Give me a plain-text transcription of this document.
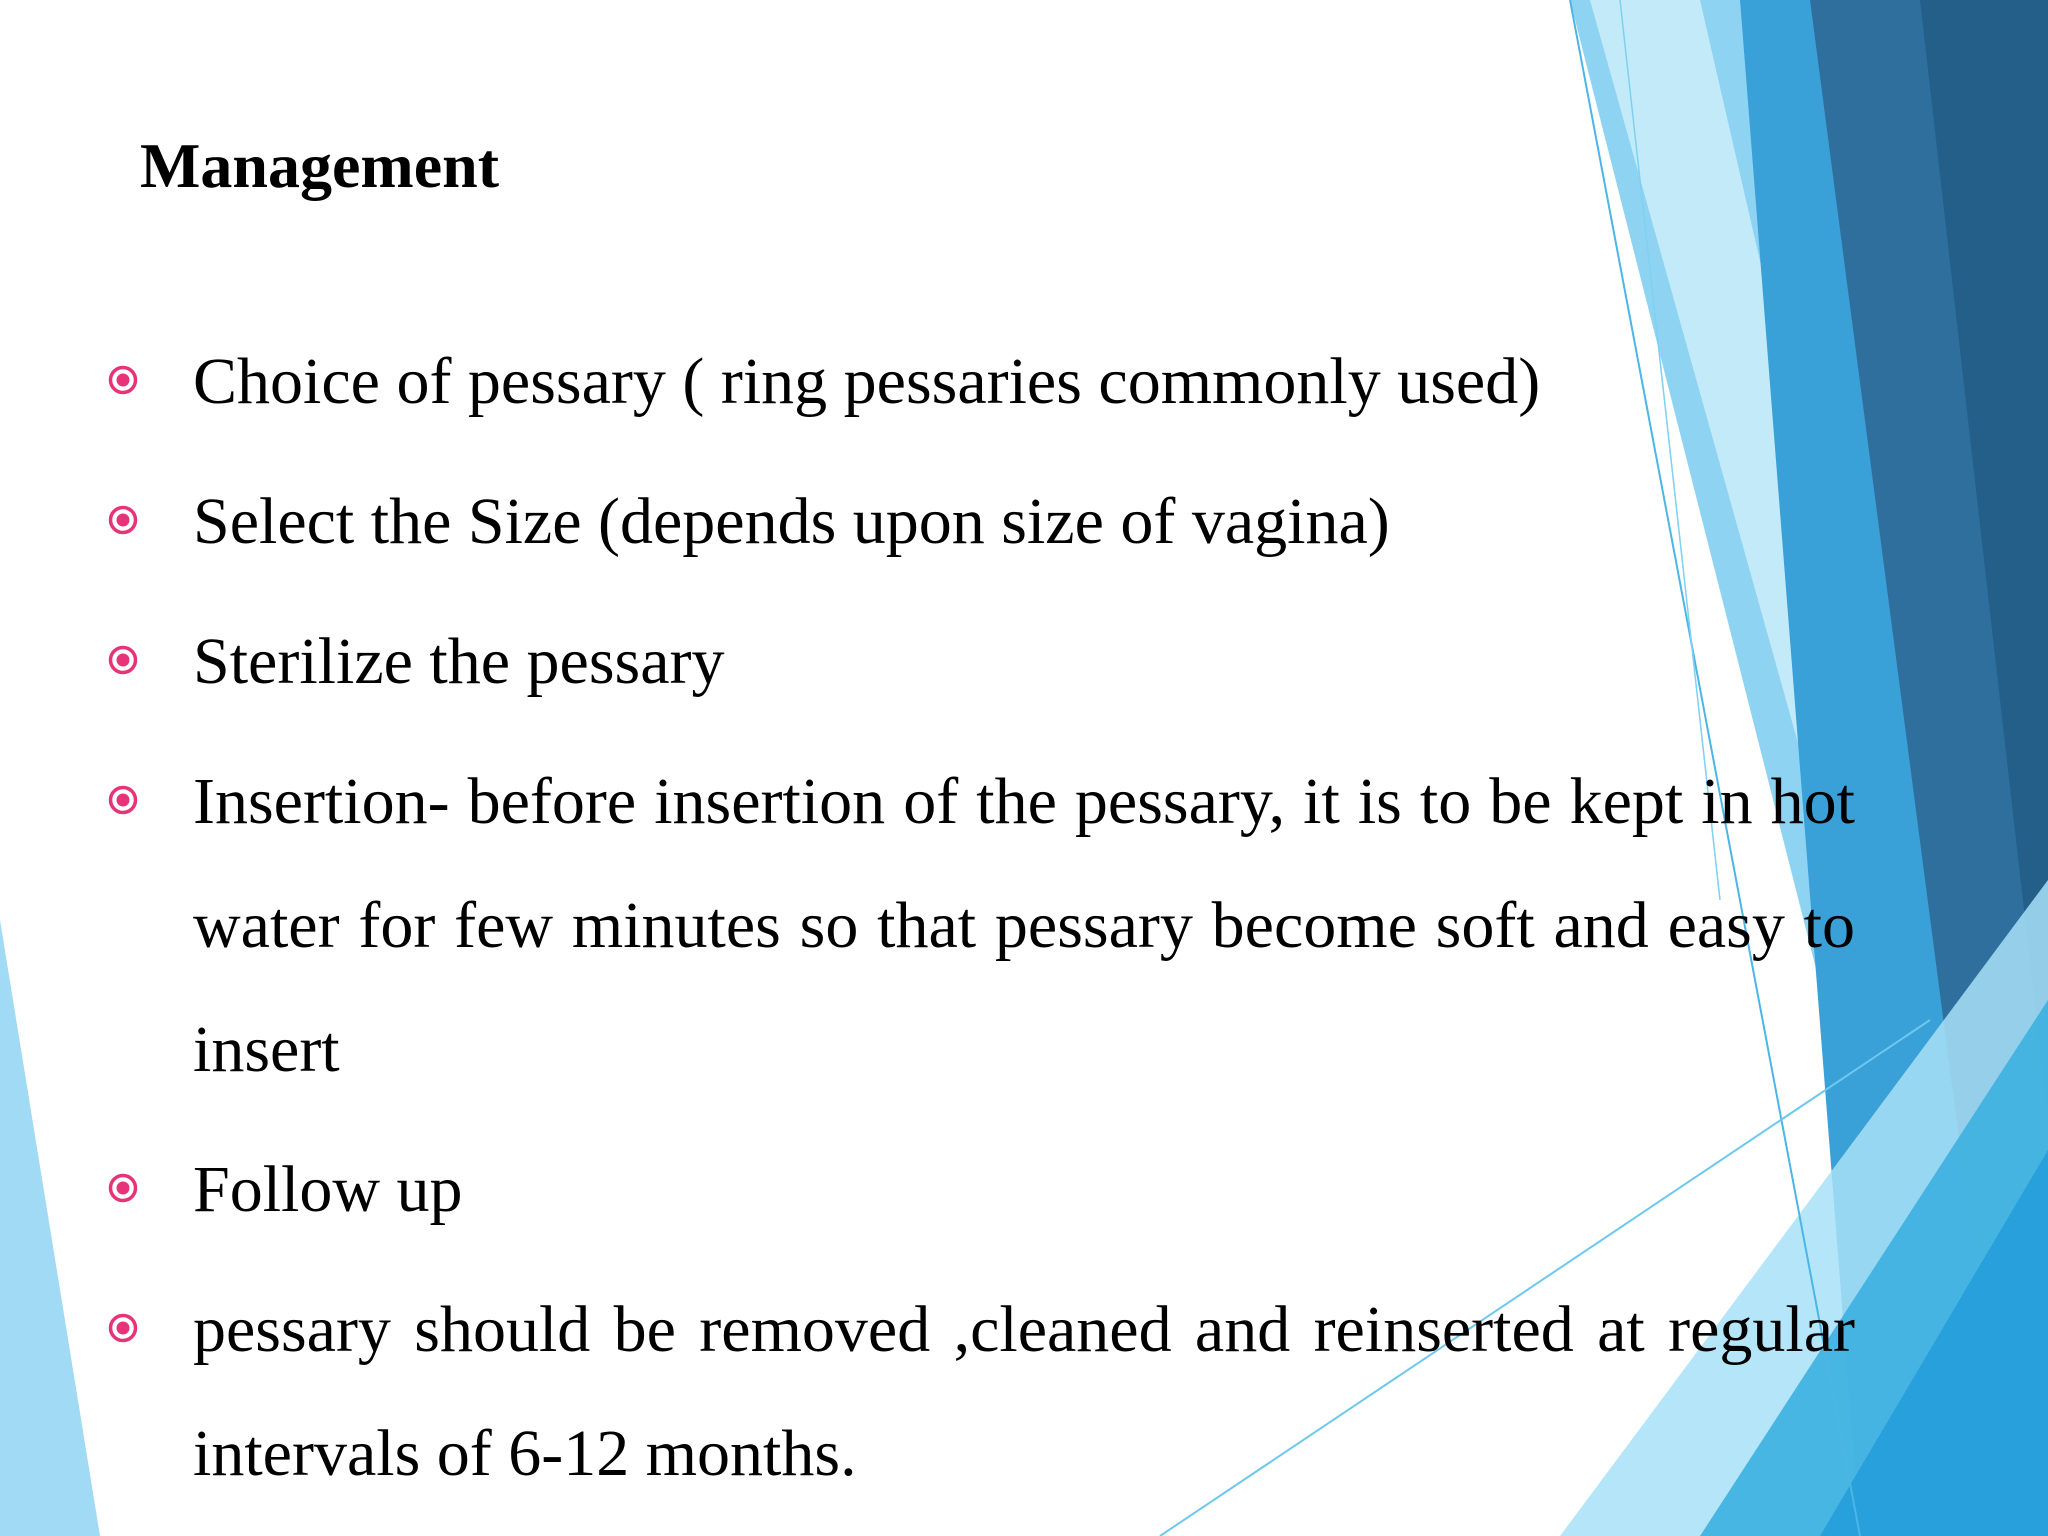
Management
Choice of pessary ( ring pessaries commonly used)
Select the Size (depends upon size of vagina)
Sterilize the pessary
Insertion- before insertion of the pessary, it is to be kept in hot water for few minutes so that pessary become soft and easy to insert
Follow up
pessary should be removed ,cleaned and reinserted at regular intervals of 6-12 months.
